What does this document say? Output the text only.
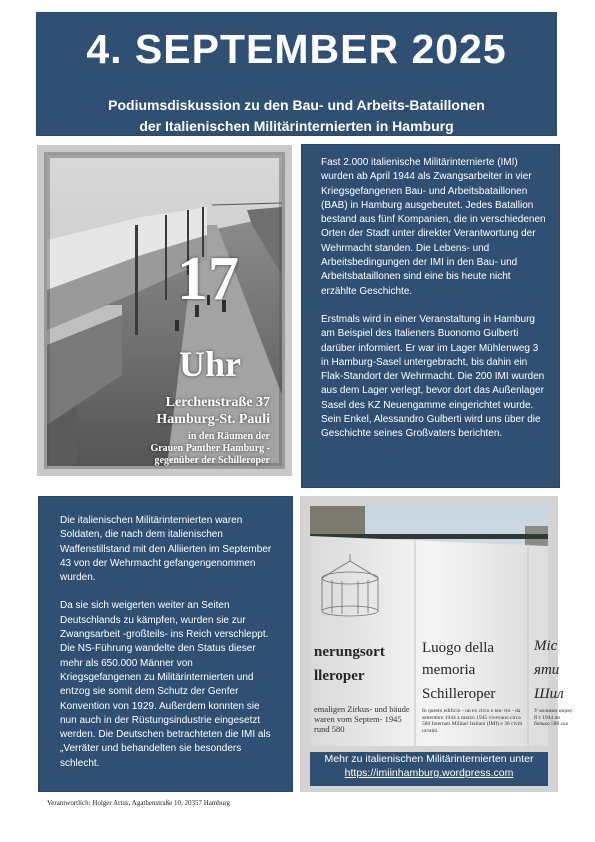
4. SEPTEMBER 2025
Podiumsdiskussion zu den Bau- und Arbeits-Bataillonen
der Italienischen Militärinternierten in Hamburg
17
Uhr
Lerchenstraße 37
Hamburg-St. Pauli
in den Räumen der
Grauen Panther Hamburg -
gegenüber der Schilleroper

Fast 2.000 italienische Militärinternierte (IMI) wurden ab April 1944 als Zwangsarbeiter in vier Kriegsgefangenen Bau- und Arbeitsbataillonen (BAB) in Hamburg ausgebeutet. Jedes Batallion bestand aus fünf Kompanien, die in verschiedenen Orten der Stadt unter direkter Verantwortung der Wehrmacht standen. Die Lebens- und Arbeitsbedingungen der IMI in den Bau- und Arbeitsbataillonen sind eine bis heute nicht erzählte Geschichte.

Erstmals wird in einer Veranstaltung in Hamburg am Beispiel des Italieners Buonomo Gulberti darüber informiert. Er war im Lager Mühlenweg 3 in Hamburg-Sasel untergebracht, bis dahin ein Flak-Standort der Wehrmacht. Die 200 IMI wurden aus dem Lager verlegt, bevor dort das Außenlager Sasel des KZ Neuengamme eingerichtet wurde. Sein Enkel, Alessandro Gulberti wird uns über die Geschichte seines Großvaters berichten.

Die italienischen Militärinternierten waren Soldaten, die nach dem italienischen Waffenstillstand mit den Alliierten im September 43 von der Wehrmacht gefangengenommen wurden.

Da sie sich weigerten weiter an Seiten Deutschlands zu kämpfen, wurden sie zur Zwangsarbeit -großteils- ins Reich verschleppt. Die NS-Führung wandelte den Status dieser mehr als 650.000 Männer von Kriegsgefangenen zu Militärinternierten und entzog sie somit dem Schutz der Genfer Konvention von 1929. Außerdem konnten sie nun auch in der Rüstungsindustrie eingesetzt werden. Die Deutschen betrachteten die IMI als „Verräter und behandelten sie besonders schlecht.

nerungsort
lleroper
emaligen Zirkus- und bäude waren vom Septem- 1945 rund 580
Luogo della
memoria
Schilleroper
In questo edificio - un ex circo e tea- tro - da settembre 1944 a marzo 1945 vivevano circa 580 Internati Militari Italiani (IMI) e 30 civili ucraini.
Mic
яти
Шил
У колишн цирку й т 1944 по бизько 580 ськ
Mehr zu italienischen Militärinternierten unter
https://imiinhamburg.wordpress.com
Verantwortlich: Holger Artus, Agathenstraße 10, 20357 Hamburg
